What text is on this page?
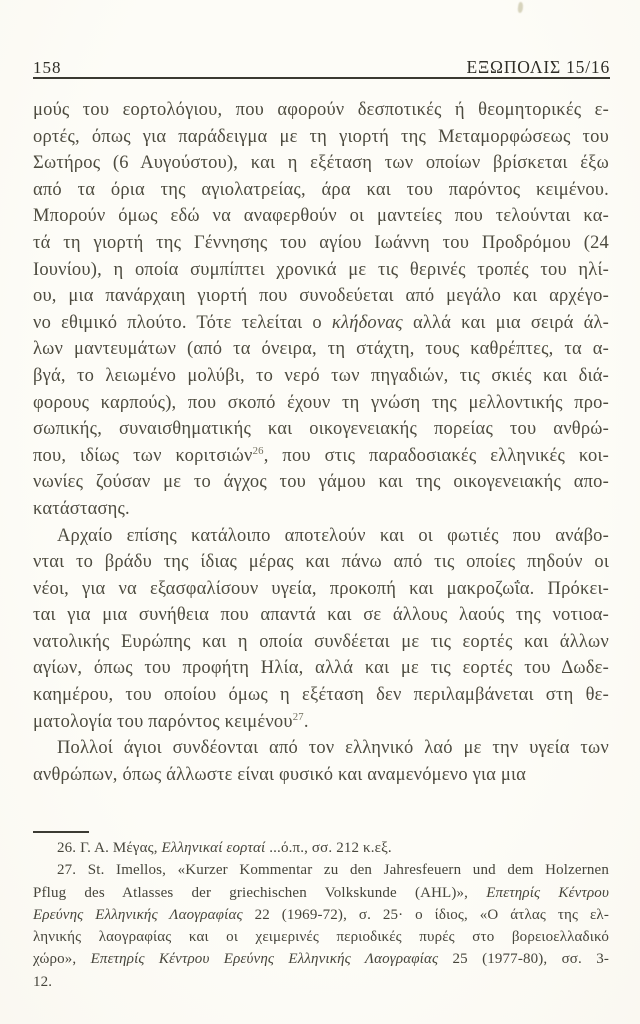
158	ΕΞΩΠΟΛΙΣ 15/16
μούς του εορτολόγιου, που αφορούν δεσποτικές ή θεομητορικές ε-
ορτές, όπως για παράδειγμα με τη γιορτή της Μεταμορφώσεως του
Σωτήρος (6 Αυγούστου), και η εξέταση των οποίων βρίσκεται έξω
από τα όρια της αγιολατρείας, άρα και του παρόντος κειμένου.
Μπορούν όμως εδώ να αναφερθούν οι μαντείες που τελούνται κα-
τά τη γιορτή της Γέννησης του αγίου Ιωάννη του Προδρόμου (24
Ιουνίου), η οποία συμπίπτει χρονικά με τις θερινές τροπές του ηλί-
ου, μια πανάρχαιη γιορτή που συνοδεύεται από μεγάλο και αρχέγο-
νο εθιμικό πλούτο. Τότε τελείται ο κλήδονας αλλά και μια σειρά άλ-
λων μαντευμάτων (από τα όνειρα, τη στάχτη, τους καθρέπτες, τα α-
βγά, το λειωμένο μολύβι, το νερό των πηγαδιών, τις σκιές και διά-
φορους καρπούς), που σκοπό έχουν τη γνώση της μελλοντικής προ-
σωπικής, συναισθηματικής και οικογενειακής πορείας του ανθρώ-
που, ιδίως των κοριτσιών$^{26}$, που στις παραδοσιακές ελληνικές κοι-
νωνίες ζούσαν με το άγχος του γάμου και της οικογενειακής απο-
κατάστασης.
Αρχαίο επίσης κατάλοιπο αποτελούν και οι φωτιές που ανάβο-
νται το βράδυ της ίδιας μέρας και πάνω από τις οποίες πηδούν οι
νέοι, για να εξασφαλίσουν υγεία, προκοπή και μακροζωΐα. Πρόκει-
ται για μια συνήθεια που απαντά και σε άλλους λαούς της νοτιοα-
νατολικής Ευρώπης και η οποία συνδέεται με τις εορτές και άλλων
αγίων, όπως του προφήτη Ηλία, αλλά και με τις εορτές του Δωδε-
καημέρου, του οποίου όμως η εξέταση δεν περιλαμβάνεται στη θε-
ματολογία του παρόντος κειμένου$^{27}$.
Πολλοί άγιοι συνδέονται από τον ελληνικό λαό με την υγεία των
ανθρώπων, όπως άλλωστε είναι φυσικό και αναμενόμενο για μια
26. Γ. Α. Μέγας, Ελληνικαί εορταί ...ό.π., σσ. 212 κ.εξ.
27. St. Imellos, «Kurzer Kommentar zu den Jahresfeuern und dem Holzernen
Pflug des Atlasses der griechischen Volkskunde (AHL)», Επετηρίς Κέντρου
Ερεύνης Ελληνικής Λαογραφίας 22 (1969-72), σ. 25· ο ίδιος, «Ο άτλας της ελ-
ληνικής λαογραφίας και οι χειμερινές περιοδικές πυρές στο βορειοελλαδικό
χώρο», Επετηρίς Κέντρου Ερεύνης Ελληνικής Λαογραφίας 25 (1977-80), σσ. 3-
12.
